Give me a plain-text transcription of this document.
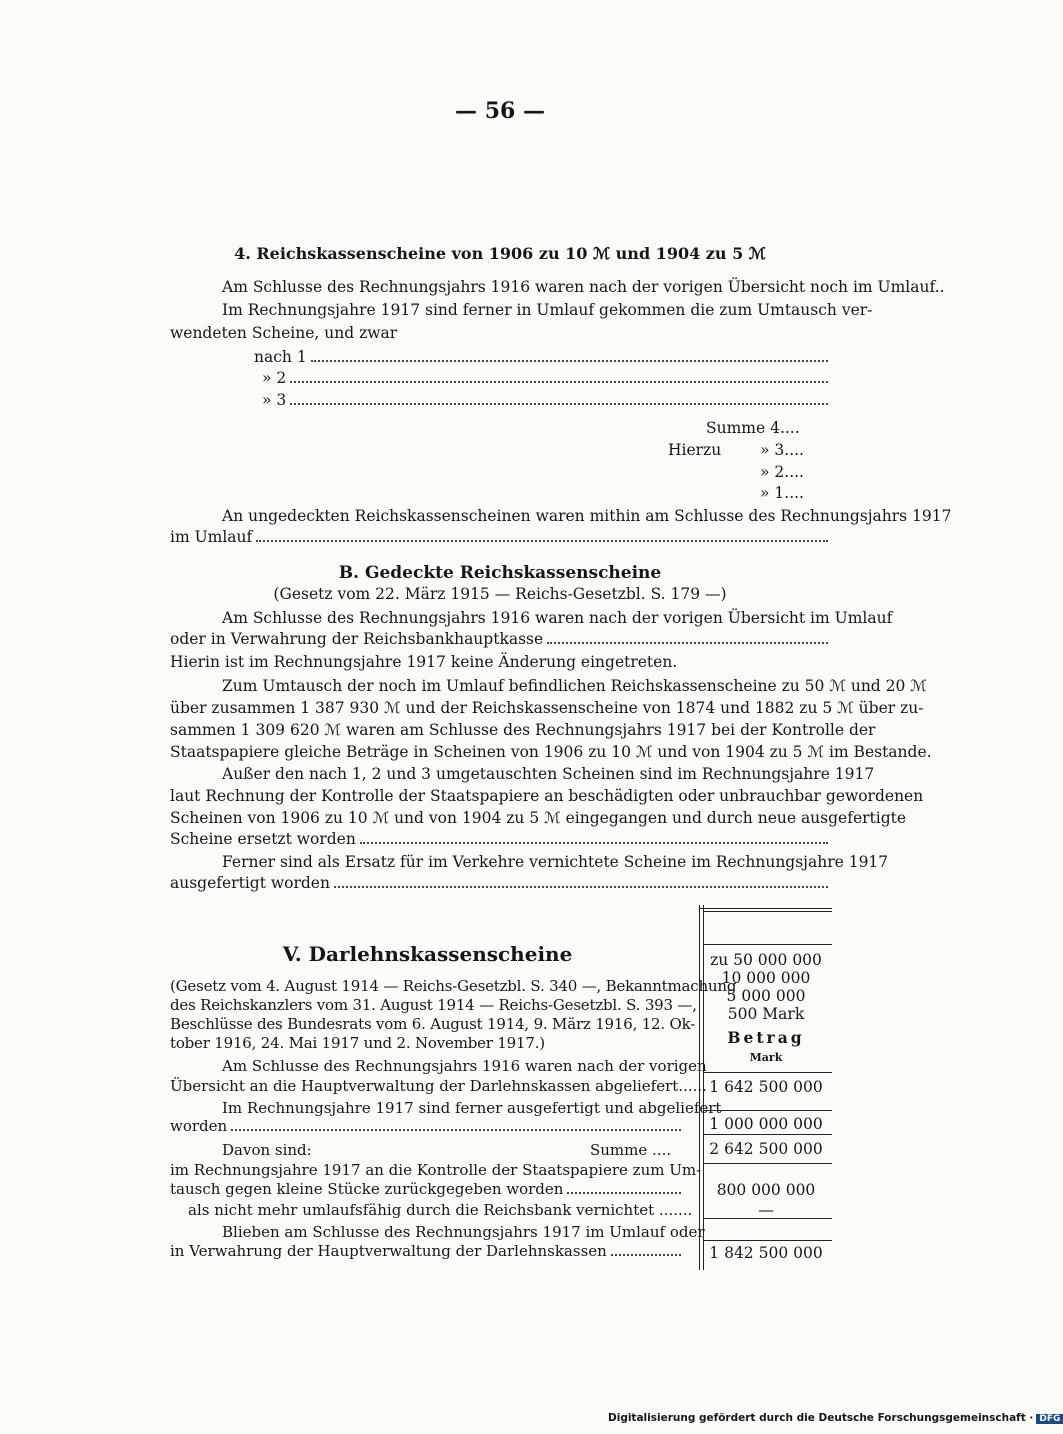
— 56 —
4. Reichskassenscheine von 1906 zu 10 ℳ und 1904 zu 5 ℳ
Am Schlusse des Rechnungsjahrs 1916 waren nach der vorigen Übersicht noch im Umlauf..
Im Rechnungsjahre 1917 sind ferner in Umlauf gekommen die zum Umtausch ver-
wendeten Scheine, und zwar
nach 1
» 2
» 3
Summe 4....
Hierzu	» 3....
» 2....
» 1....
An ungedeckten Reichskassenscheinen waren mithin am Schlusse des Rechnungsjahrs 1917
im Umlauf
B. Gedeckte Reichskassenscheine
(Gesetz vom 22. März 1915 — Reichs-Gesetzbl. S. 179 —)
Am Schlusse des Rechnungsjahrs 1916 waren nach der vorigen Übersicht im Umlauf
oder in Verwahrung der Reichsbankhauptkasse
Hierin ist im Rechnungsjahre 1917 keine Änderung eingetreten.
Zum Umtausch der noch im Umlauf befindlichen Reichskassenscheine zu 50 ℳ und 20 ℳ
über zusammen 1 387 930 ℳ und der Reichskassenscheine von 1874 und 1882 zu 5 ℳ über zu-
sammen 1 309 620 ℳ waren am Schlusse des Rechnungsjahrs 1917 bei der Kontrolle der
Staatspapiere gleiche Beträge in Scheinen von 1906 zu 10 ℳ und von 1904 zu 5 ℳ im Bestande.
Außer den nach 1, 2 und 3 umgetauschten Scheinen sind im Rechnungsjahre 1917
laut Rechnung der Kontrolle der Staatspapiere an beschädigten oder unbrauchbar gewordenen
Scheinen von 1906 zu 10 ℳ und von 1904 zu 5 ℳ eingegangen und durch neue ausgefertigte
Scheine ersetzt worden
Ferner sind als Ersatz für im Verkehre vernichtete Scheine im Rechnungsjahre 1917
ausgefertigt worden
V. Darlehnskassenscheine
(Gesetz vom 4. August 1914 — Reichs-Gesetzbl. S. 340 —, Bekanntmachung
des Reichskanzlers vom 31. August 1914 — Reichs-Gesetzbl. S. 393 —,
Beschlüsse des Bundesrats vom 6. August 1914, 9. März 1916, 12. Ok-
tober 1916, 24. Mai 1917 und 2. November 1917.)
Am Schlusse des Rechnungsjahrs 1916 waren nach der vorigen
Übersicht an die Hauptverwaltung der Darlehnskassen abgeliefert......
Im Rechnungsjahre 1917 sind ferner ausgefertigt und abgeliefert
worden
Davon sind:	Summe ....
im Rechnungsjahre 1917 an die Kontrolle der Staatspapiere zum Um-
tausch gegen kleine Stücke zurückgegeben worden
als nicht mehr umlaufsfähig durch die Reichsbank vernichtet .......
Blieben am Schlusse des Rechnungsjahrs 1917 im Umlauf oder
in Verwahrung der Hauptverwaltung der Darlehnskassen
zu 50 000 000
10 000 000
5 000 000
500 Mark
Betrag
Mark
1 642 500 000
1 000 000 000
2 642 500 000
800 000 000
—
1 842 500 000
Digitalisierung gefördert durch die Deutsche Forschungsgemeinschaft · DFG
